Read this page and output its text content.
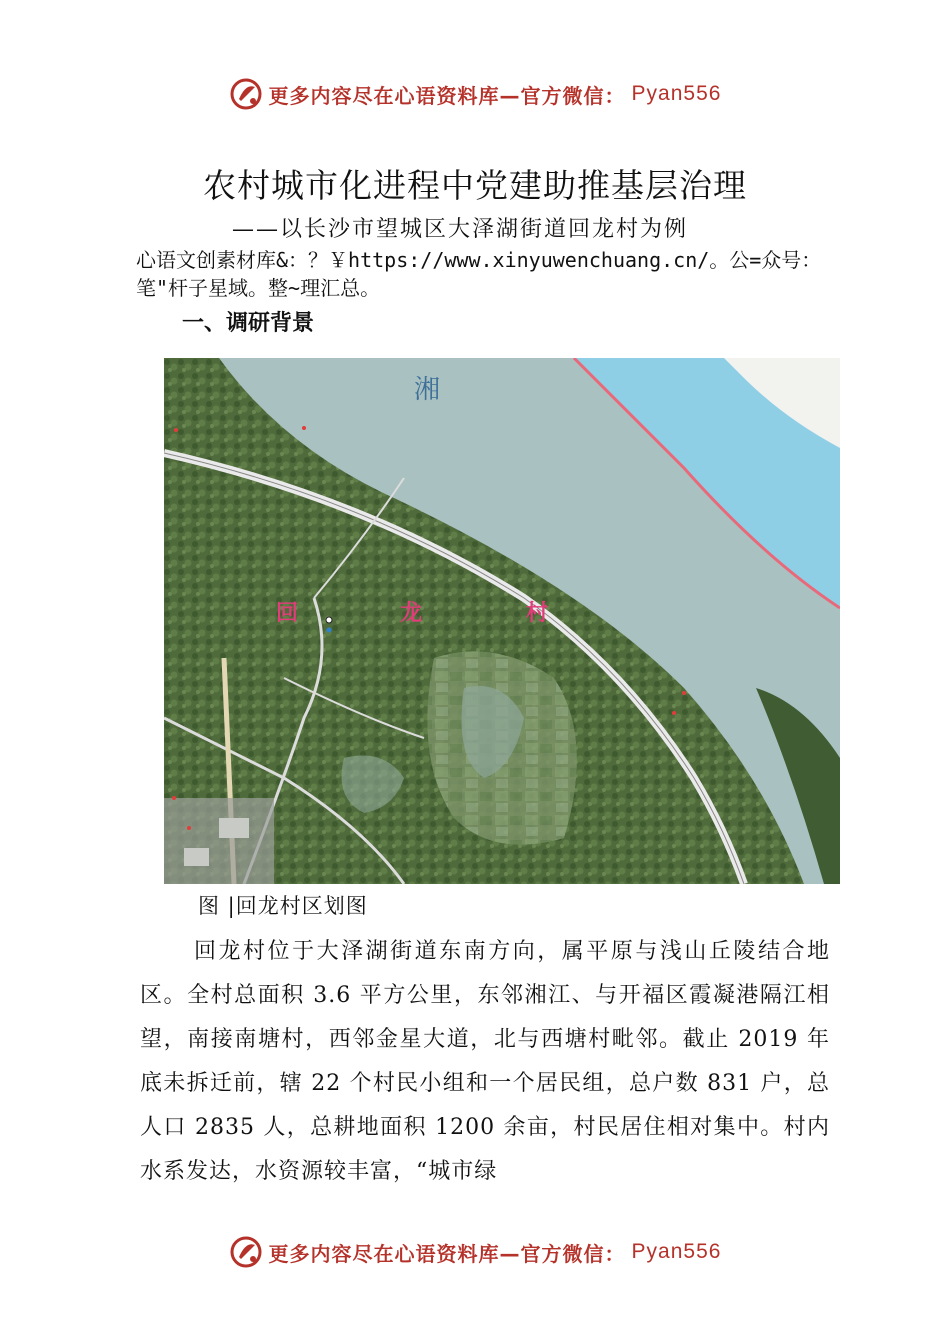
更多内容尽在心语资料库—官方微信： Pyan556
农村城市化进程中党建助推基层治理
——以长沙市望城区大泽湖街道回龙村为例
心语文创素材库&：？￥https://www.xinyuwenchuang.cn/。公=众号：笔"杆子星域。整~理汇总。
一、调研背景
湘
回	龙	村
图 |回龙村区划图

回龙村位于大泽湖街道东南方向，属平原与浅山丘陵结合地区。全村总面积 3.6 平方公里，东邻湘江、与开福区霞凝港隔江相望，南接南塘村，西邻金星大道，北与西塘村毗邻。截止 2019 年底未拆迁前，辖 22 个村民小组和一个居民组，总户数 831 户，总人口 2835 人，总耕地面积 1200 余亩，村民居住相对集中。村内水系发达，水资源较丰富，“城市绿

更多内容尽在心语资料库—官方微信： Pyan556
